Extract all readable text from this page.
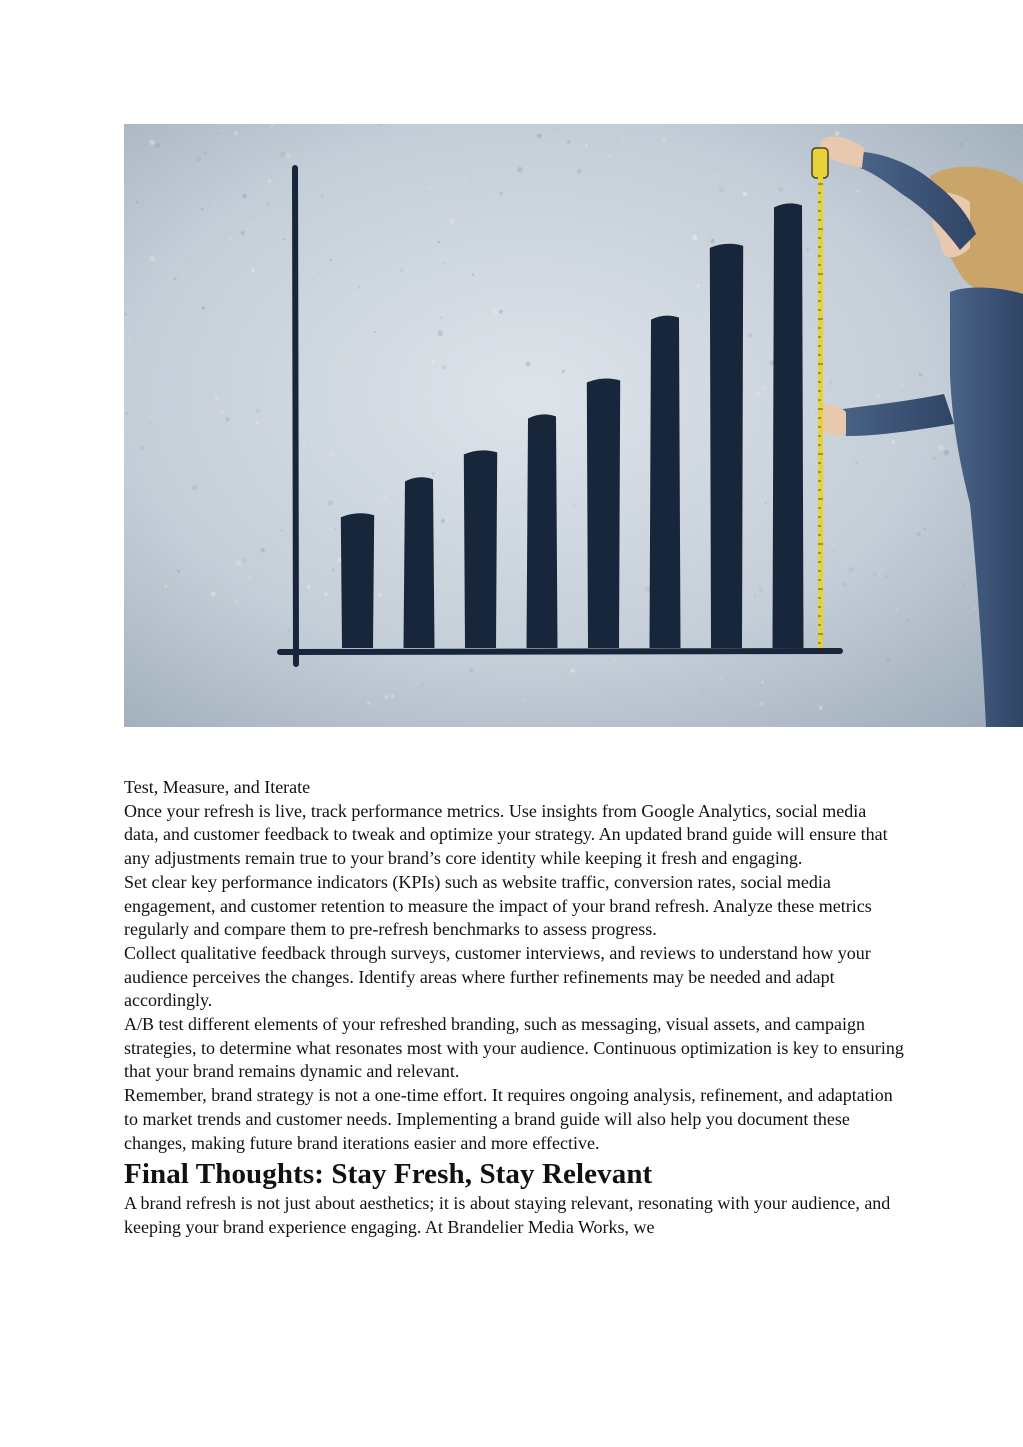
Test, Measure, and Iterate

Once your refresh is live, track performance metrics. Use insights from Google Analytics, social media data, and customer feedback to tweak and optimize your strategy. An updated brand guide will ensure that any adjustments remain true to your brand’s core identity while keeping it fresh and engaging.

Set clear key performance indicators (KPIs) such as website traffic, conversion rates, social media engagement, and customer retention to measure the impact of your brand refresh. Analyze these metrics regularly and compare them to pre-refresh benchmarks to assess progress.

Collect qualitative feedback through surveys, customer interviews, and reviews to understand how your audience perceives the changes. Identify areas where further refinements may be needed and adapt accordingly.

A/B test different elements of your refreshed branding, such as messaging, visual assets, and campaign strategies, to determine what resonates most with your audience. Continuous optimization is key to ensuring that your brand remains dynamic and relevant.

Remember, brand strategy is not a one-time effort. It requires ongoing analysis, refinement, and adaptation to market trends and customer needs. Implementing a brand guide will also help you document these changes, making future brand iterations easier and more effective.

Final Thoughts: Stay Fresh, Stay Relevant

A brand refresh is not just about aesthetics; it is about staying relevant, resonating with your audience, and keeping your brand experience engaging. At Brandelier Media Works, we
